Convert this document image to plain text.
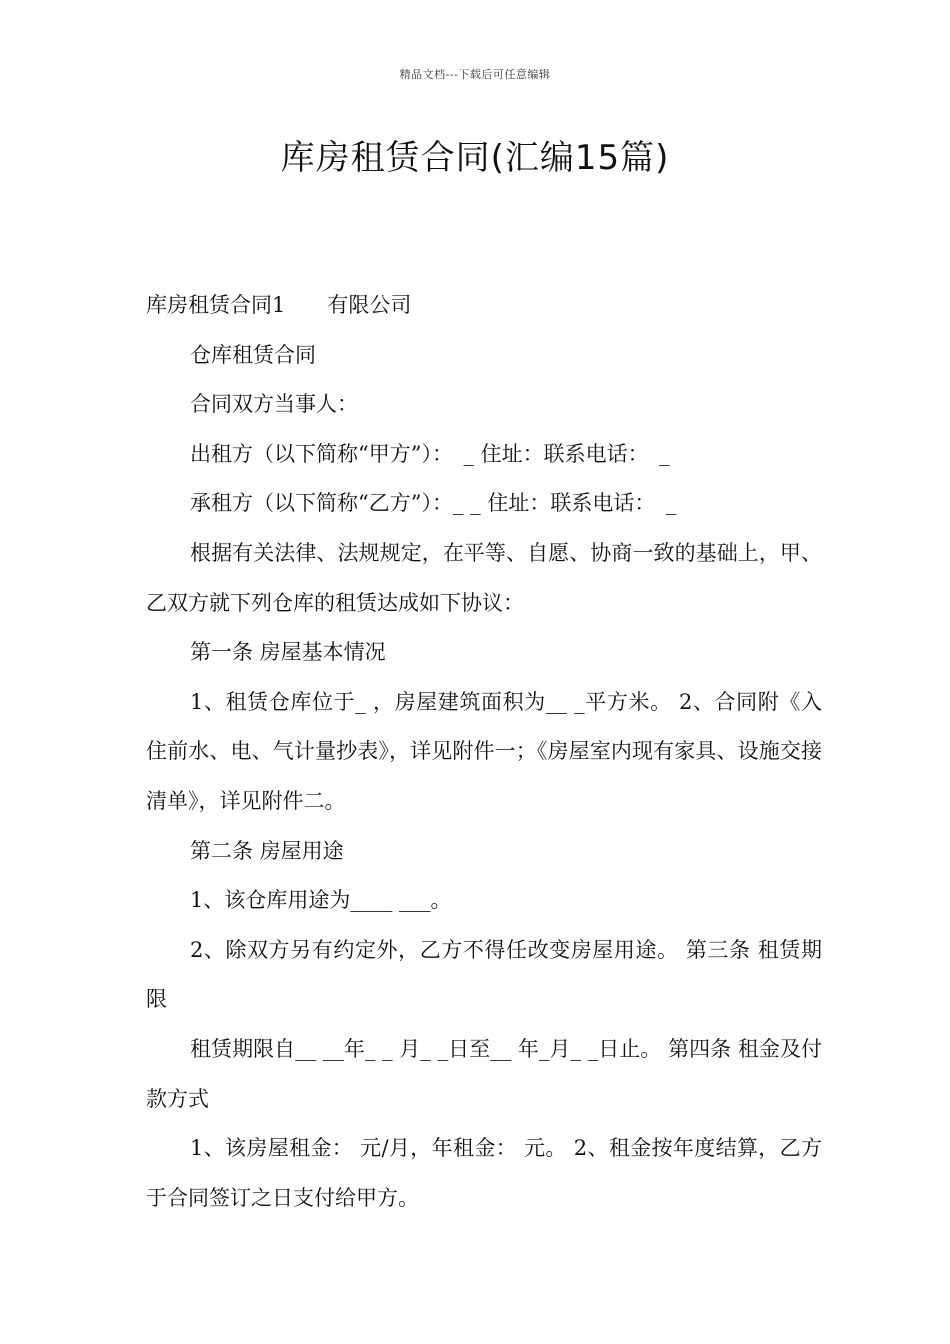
精品文档---下载后可任意编辑
库房租赁合同(汇编15篇)

库房租赁合同1　　有限公司

仓库租赁合同

合同双方当事人：

出租方（以下简称“甲方”）：　_ 住址：联系电话：　_

承租方（以下简称“乙方”）：_ _ 住址：联系电话：　_

根据有关法律、法规规定，在平等、自愿、协商一致的基础上，甲、乙双方就下列仓库的租赁达成如下协议：

第一条 房屋基本情况

1、租赁仓库位于_ ，房屋建筑面积为__ _平方米。 2、合同附《入住前水、电、气计量抄表》，详见附件一；《房屋室内现有家具、设施交接清单》，详见附件二。

第二条 房屋用途

1、该仓库用途为____ ___。

2、除双方另有约定外，乙方不得任改变房屋用途。 第三条 租赁期限

租赁期限自__ __年_ _ 月_ _日至__ 年_月_ _日止。 第四条 租金及付款方式

1、该房屋租金： 元/月，年租金： 元。 2、租金按年度结算，乙方于合同签订之日支付给甲方。
